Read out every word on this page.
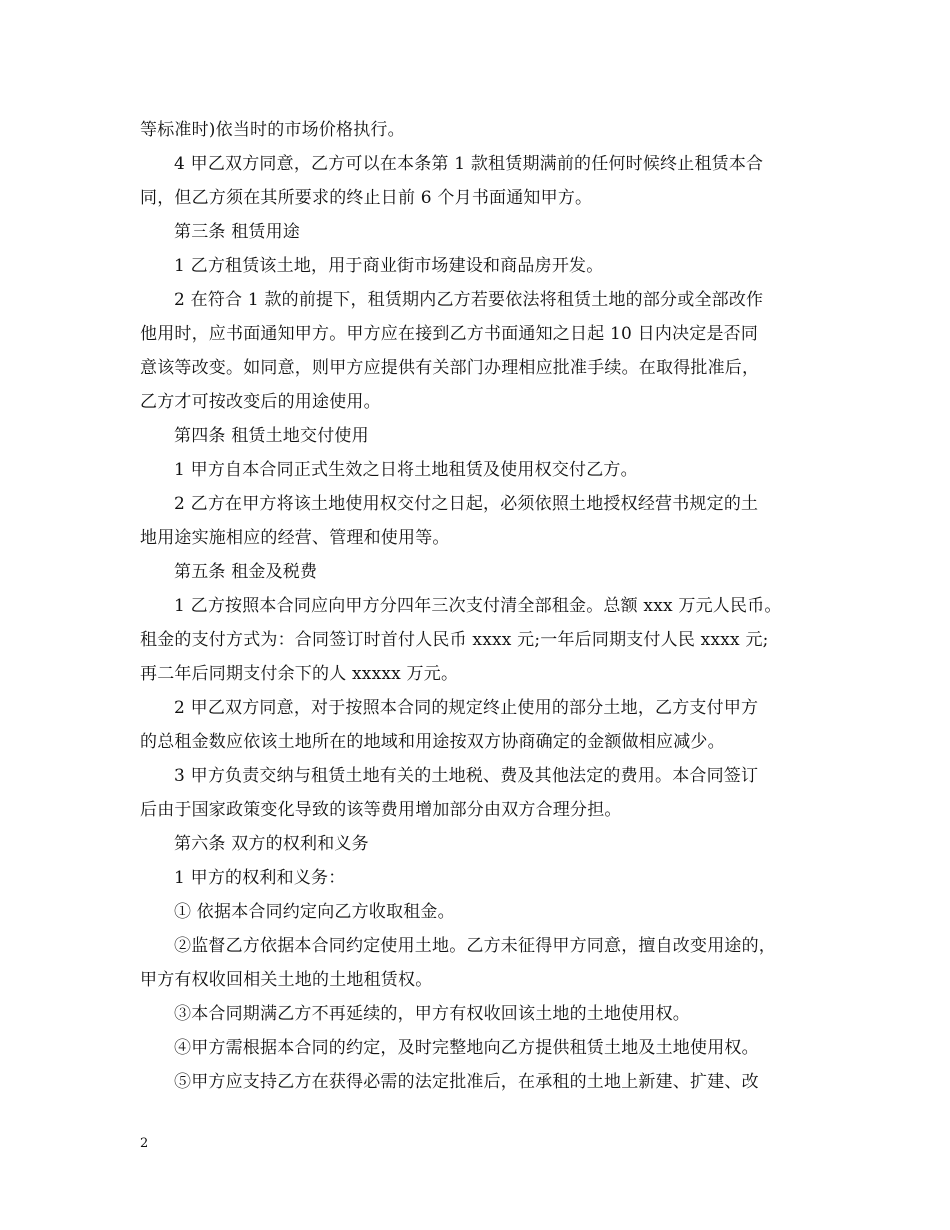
等标准时)依当时的市场价格执行。
4 甲乙双方同意，乙方可以在本条第 1 款租赁期满前的任何时候终止租赁本合
同，但乙方须在其所要求的终止日前 6 个月书面通知甲方。
第三条 租赁用途
1 乙方租赁该土地，用于商业街市场建设和商品房开发。
2 在符合 1 款的前提下，租赁期内乙方若要依法将租赁土地的部分或全部改作
他用时，应书面通知甲方。甲方应在接到乙方书面通知之日起 10 日内决定是否同
意该等改变。如同意，则甲方应提供有关部门办理相应批准手续。在取得批准后，
乙方才可按改变后的用途使用。
第四条 租赁土地交付使用
1 甲方自本合同正式生效之日将土地租赁及使用权交付乙方。
2 乙方在甲方将该土地使用权交付之日起，必须依照土地授权经营书规定的土
地用途实施相应的经营、管理和使用等。
第五条 租金及税费
1 乙方按照本合同应向甲方分四年三次支付清全部租金。总额 xxx 万元人民币。
租金的支付方式为：合同签订时首付人民币 xxxx 元;一年后同期支付人民 xxxx 元;
再二年后同期支付余下的人 xxxxx 万元。
2 甲乙双方同意，对于按照本合同的规定终止使用的部分土地，乙方支付甲方
的总租金数应依该土地所在的地域和用途按双方协商确定的金额做相应减少。
3 甲方负责交纳与租赁土地有关的土地税、费及其他法定的费用。本合同签订
后由于国家政策变化导致的该等费用增加部分由双方合理分担。
第六条 双方的权利和义务
1 甲方的权利和义务：
① 依据本合同约定向乙方收取租金。
②监督乙方依据本合同约定使用土地。乙方未征得甲方同意，擅自改变用途的，
甲方有权收回相关土地的土地租赁权。
③本合同期满乙方不再延续的，甲方有权收回该土地的土地使用权。
④甲方需根据本合同的约定，及时完整地向乙方提供租赁土地及土地使用权。
⑤甲方应支持乙方在获得必需的法定批准后，在承租的土地上新建、扩建、改
2
